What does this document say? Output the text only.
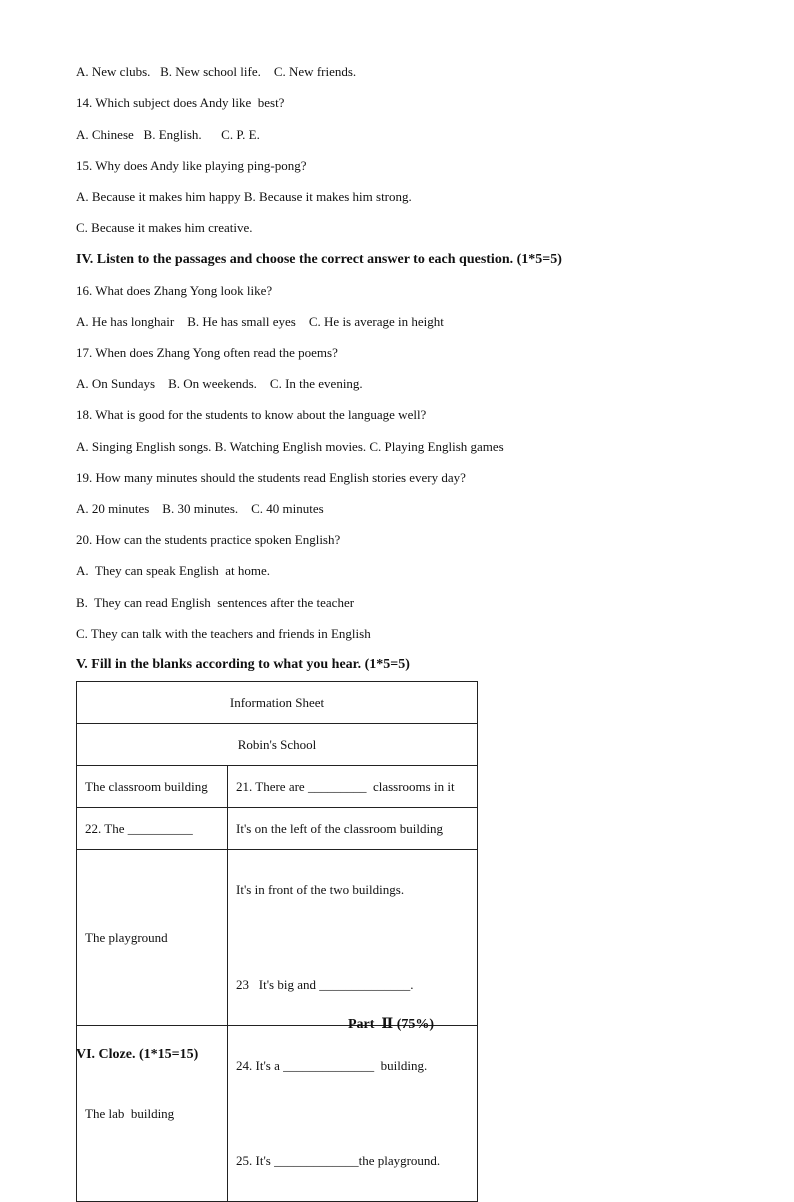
A. New clubs.   B. New school life.    C. New friends.
14. Which subject does Andy like  best?
A. Chinese   B. English.      C. P. E.
15. Why does Andy like playing ping-pong?
A. Because it makes him happy B. Because it makes him strong.
C. Because it makes him creative.
IV. Listen to the passages and choose the correct answer to each question. (1*5=5)
16. What does Zhang Yong look like?
A. He has longhair    B. He has small eyes    C. He is average in height
17. When does Zhang Yong often read the poems?
A. On Sundays    B. On weekends.    C. In the evening.
18. What is good for the students to know about the language well?
A. Singing English songs. B. Watching English movies. C. Playing English games
19. How many minutes should the students read English stories every day?
A. 20 minutes    B. 30 minutes.    C. 40 minutes
20. How can the students practice spoken English?
A.  They can speak English  at home.
B.  They can read English  sentences after the teacher
C. They can talk with the teachers and friends in English
V. Fill in the blanks according to what you hear. (1*5=5)
Information Sheet	
Robin's School	
The classroom building	21. There are _________  classrooms in it
22. The __________	It's on the left of the classroom building
The playground	It's in front of the two buildings.

23   It's big and ______________.

The lab  building	24. It's a ______________  building.

25. It's _____________the playground.

Part  Ⅱ (75%)
VI. Cloze. (1*15=15)
